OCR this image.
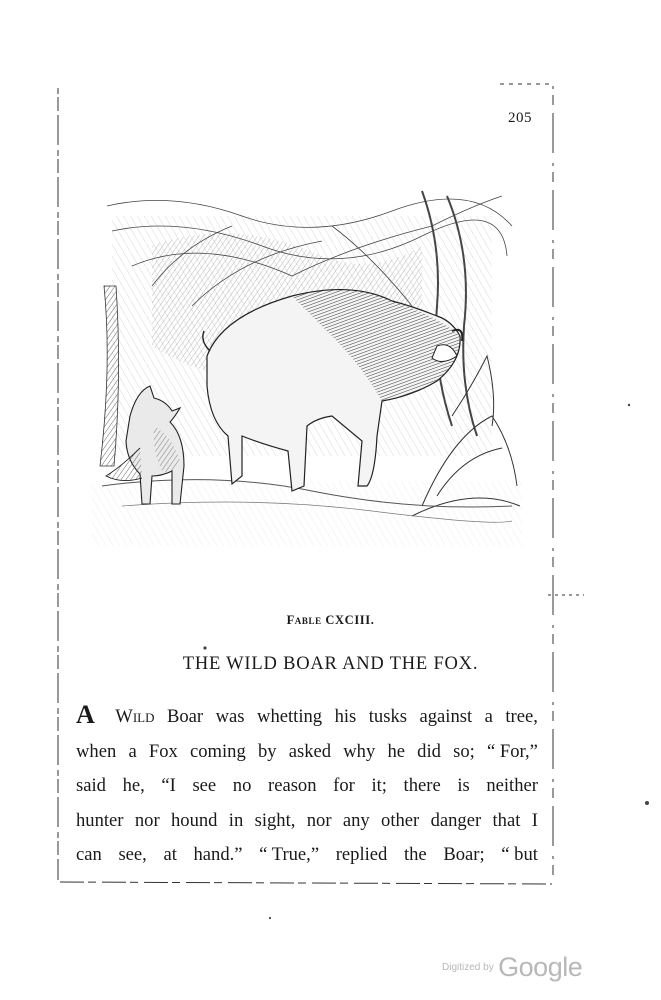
205
Fable CXCIII.
THE WILD BOAR AND THE FOX.
A Wild Boar was whetting his tusks against a tree,
when a Fox coming by asked why he did so; “ For,”
said he, “I see no reason for it; there is neither
hunter nor hound in sight, nor any other danger that I
can see, at hand.” “ True,” replied the Boar; “ but
Digitized by Google
